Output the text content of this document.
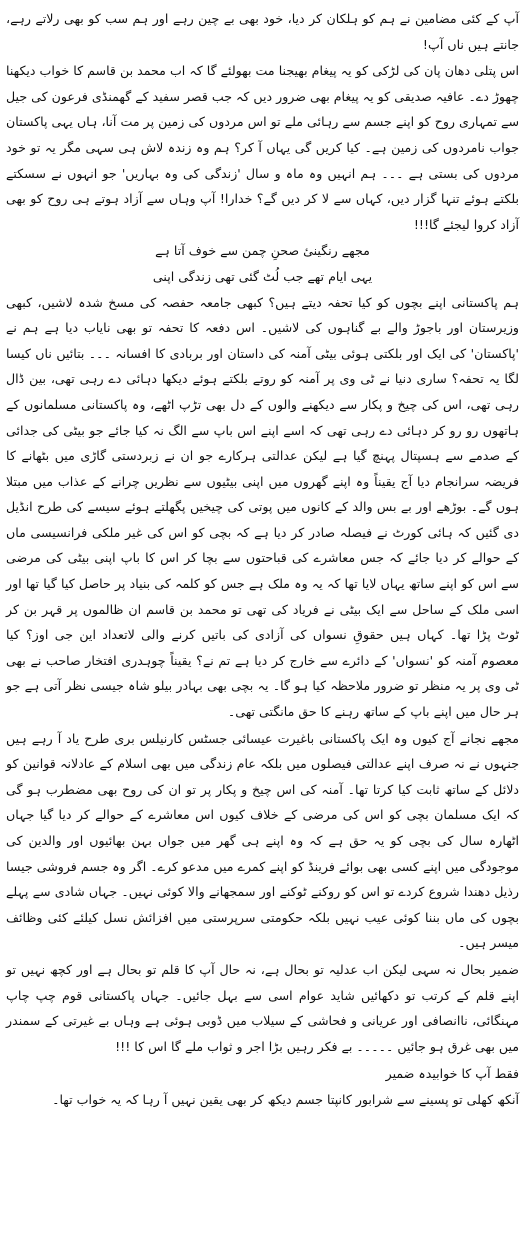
آپ کے کئی مضامین نے ہم کو ہلکان کر دیا، خود بھی بے چین رہے اور ہم سب کو بھی رلاتے رہے، جانتے ہیں ناں آپ!

اس پتلی دھان پان کی لڑکی کو یہ پیغام بھیجنا مت بھولئے گا کہ اب محمد بن قاسم کا خواب دیکھنا چھوڑ دے۔ عافیہ صدیقی کو یہ پیغام بھی ضرور دیں کہ جب قصر سفید کے گھمنڈی فرعون کی جیل سے تمہاری روح کو اپنے جسم سے رہائی ملے تو اس مردوں کی زمین پر مت آنا، ہاں یہی پاکستان جواب نامردوں کی زمین ہے۔ کیا کریں گی یہاں آ کر؟ ہم وہ زندہ لاش ہی سہی مگر یہ تو خود مردوں کی بستی ہے ۔۔۔ ہم انہیں وہ ماہ و سال 'زندگی کی وہ بہاریں' جو انہوں نے سسکتے بلکتے ہوئے تنہا گزار دیں، کہاں سے لا کر دیں گے؟ خدارا! آپ وہاں سے آزاد ہوتے ہی روح کو بھی آزاد کروا لیجئے گا!!!

مجھے رنگینیٔ صحنِ چمن سے خوف آتا ہے یہی ایام تھے جب لُٹ گئی تھی زندگی اپنی

ہم پاکستانی اپنے بچوں کو کیا تحفہ دیتے ہیں؟ کبھی جامعہ حفصہ کی مسخ شدہ لاشیں، کبھی وزیرستان اور باجوڑ والے بے گناہوں کی لاشیں۔ اس دفعہ کا تحفہ تو بھی نایاب دیا ہے ہم نے 'پاکستان' کی ایک اور بلکتی ہوئی بیٹی آمنہ کی داستان اور بربادی کا افسانہ ۔۔۔ بتائیں ناں کیسا لگا یہ تحفہ؟ ساری دنیا نے ٹی وی پر آمنہ کو روتے بلکتے ہوئے دیکھا دہائی دے رہی تھی، بین ڈال رہی تھی، اس کی چیخ و پکار سے دیکھنے والوں کے دل بھی تڑپ اٹھے، وہ پاکستانی مسلمانوں کے ہاتھوں رو رو کر دہائی دے رہی تھی کہ اسے اپنے اس باپ سے الگ نہ کیا جائے جو بیٹی کی جدائی کے صدمے سے ہسپتال پہنچ گیا ہے لیکن عدالتی ہرکارے جو ان نے زبردستی گاڑی میں بٹھانے کا فریضہ سرانجام دیا آج یقیناً وہ اپنے گھروں میں اپنی بیٹیوں سے نظریں چرانے کے عذاب میں مبتلا ہوں گے۔ بوڑھے اور بے بس والد کے کانوں میں پوتی کی چیخیں پگھلتے ہوئے سیسے کی طرح انڈیل دی گئیں کہ ہائی کورٹ نے فیصلہ صادر کر دیا ہے کہ بچی کو اس کی غیر ملکی فرانسیسی ماں کے حوالے کر دیا جائے کہ جس معاشرے کی قباحتوں سے بچا کر اس کا باپ اپنی بیٹی کی مرضی سے اس کو اپنے ساتھ یہاں لایا تھا کہ یہ وہ ملک ہے جس کو کلمہ کی بنیاد پر حاصل کیا گیا تھا اور اسی ملک کے ساحل سے ایک بیٹی نے فریاد کی تھی تو محمد بن قاسم ان ظالموں پر قہر بن کر ٹوٹ پڑا تھا۔ کہاں ہیں حقوقِ نسواں کی آزادی کی باتیں کرنے والی لاتعداد این جی اوز؟ کیا معصوم آمنہ کو 'نسواں' کے دائرے سے خارج کر دیا ہے تم نے؟ یقیناً چوہدری افتخار صاحب نے بھی ٹی وی پر یہ منظر تو ضرور ملاحظہ کیا ہو گا۔ یہ بچی بھی بہادر بیلو شاہ جیسی نظر آتی ہے جو ہر حال میں اپنے باپ کے ساتھ رہنے کا حق مانگتی تھی۔

مجھے نجانے آج کیوں وہ ایک پاکستانی باغیرت عیسائی جسٹس کارنیلس بری طرح یاد آ رہے ہیں جنہوں نے نہ صرف اپنے عدالتی فیصلوں میں بلکہ عام زندگی میں بھی اسلام کے عادلانہ قوانین کو دلائل کے ساتھ ثابت کیا کرتا تھا۔ آمنہ کی اس چیخ و پکار پر تو ان کی روح بھی مضطرب ہو گی کہ ایک مسلمان بچی کو اس کی مرضی کے خلاف کیوں اس معاشرے کے حوالے کر دیا گیا جہاں اٹھارہ سال کی بچی کو یہ حق ہے کہ وہ اپنے ہی گھر میں جواں بہن بھائیوں اور والدین کی موجودگی میں اپنے کسی بھی بوائے فرینڈ کو اپنے کمرے میں مدعو کرے۔ اگر وہ جسم فروشی جیسا رذیل دھندا شروع کردے تو اس کو روکنے ٹوکنے اور سمجھانے والا کوئی نہیں۔ جہاں شادی سے پہلے بچوں کی ماں بننا کوئی عیب نہیں بلکہ حکومتی سرپرستی میں افزائش نسل کیلئے کئی وظائف میسر ہیں۔

ضمیر بحال نہ سہی لیکن اب عدلیہ تو بحال ہے، نہ حال آپ کا قلم تو بحال ہے اور کچھ نہیں تو اپنے قلم کے کرتب تو دکھائیں شاید عوام اسی سے بہل جائیں۔ جہاں پاکستانی قوم چپ چاپ مہنگائی، ناانصافی اور عریانی و فحاشی کے سیلاب میں ڈوبی ہوئی ہے وہاں بے غیرتی کے سمندر میں بھی غرق ہو جائیں ۔۔۔۔۔ بے فکر رہیں بڑا اجر و ثواب ملے گا اس کا !!!

فقط آپ کا خوابیدہ ضمیر

آنکھ کھلی تو پسینے سے شرابور کانپتا جسم دیکھ کر بھی یقین نہیں آ رہا کہ یہ خواب تھا۔
